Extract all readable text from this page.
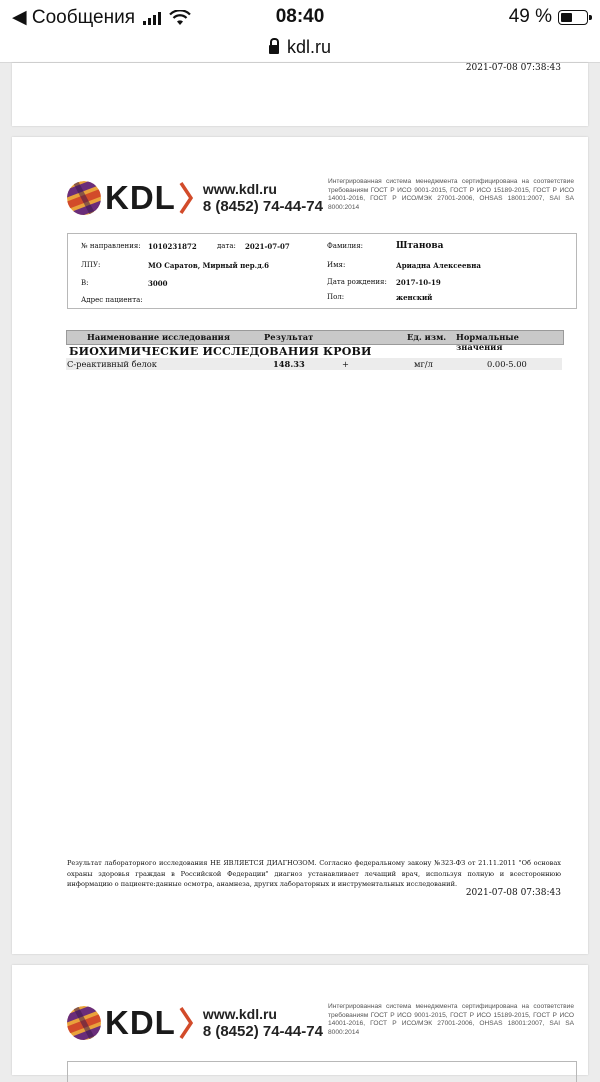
◀ Сообщения	08:40	49 %
kdl.ru
2021-07-08 07:38:43
KDL www.kdl.ru
8 (8452) 74-44-74
Интегрированная система менеджмента сертифицирована на соответствие требованиям ГОСТ Р ИСО 9001-2015, ГОСТ Р ИСО 15189-2015, ГОСТ Р ИСО 14001-2016, ГОСТ Р ИСО/МЭК 27001-2006, OHSAS 18001:2007, SAI SA 8000:2014
№ направления: 1010231872	дата: 2021-07-07
ЛПУ:	МО Саратов, Мирный пер.д.6
В:	3000
Адрес пациента:
Фамилия:	Штанова
Имя:	Ариадна Алексеевна
Дата рождения: 2017-10-19
Пол:	женский
Наименование исследования	Результат	Ед. изм. Нормальные значения
БИОХИМИЧЕСКИЕ ИССЛЕДОВАНИЯ КРОВИ
С-реактивный белок	148.33	+	мг/л	0.00-5.00
Результат лабораторного исследования НЕ ЯВЛЯЕТСЯ ДИАГНОЗОМ. Согласно федеральному закону №323-ФЗ от 21.11.2011 "Об основах охраны здоровья граждан в Российской Федерации" диагноз устанавливает лечащий врач, используя полную и всестороннюю информацию о пациенте:данные осмотра, анамнеза, других лабораторных и инструментальных исследований.
2021-07-08 07:38:43
KDL www.kdl.ru
8 (8452) 74-44-74
Интегрированная система менеджмента сертифицирована на соответствие требованиям ГОСТ Р ИСО 9001-2015, ГОСТ Р ИСО 15189-2015, ГОСТ Р ИСО 14001-2016, ГОСТ Р ИСО/МЭК 27001-2006, OHSAS 18001:2007, SAI SA 8000:2014
